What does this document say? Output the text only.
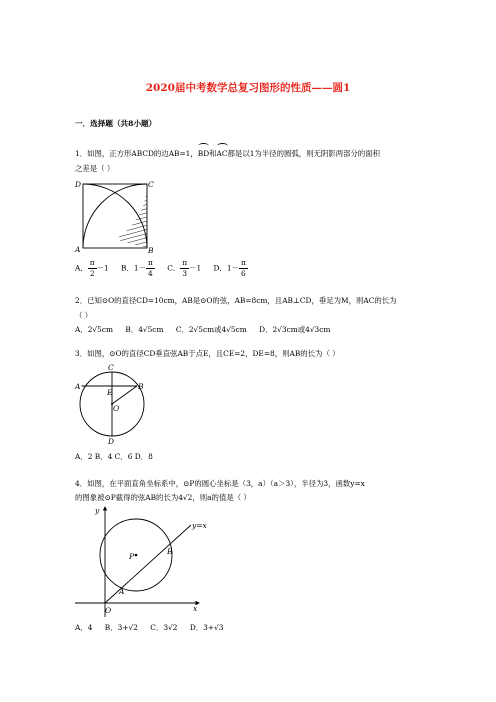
2020届中考数学总复习图形的性质——圆1
一．选择题（共8小题）
1．如图，正方形ABCD的边AB=1，
BD和
AC都是以1为半径的圆弧，则无阴影两部分的面积
之差是（ ）
D	C
A	B
A． $\frac{\pi}{2} -1$ B．$1- \frac{\pi}{4}$ C． $\frac{\pi}{3} -1$ D．$1- \frac{\pi}{6}$
2．已知⊙O的直径CD=10cm，AB是⊙O的弦，AB=8cm，且AB⊥CD，垂足为M，则AC的长为
（ ）
A．2√5cm B．4√5cm C．2√5cm或4√5cm D．2√3cm或4√3cm
3．如图，⊙O的直径CD垂直弦AB于点E，且CE=2，DE=8，则AB的长为（ ）
C
A	B
E
O
D
A．2 B．4 C．6 D．8
4．如图，在平面直角坐标系中，⊙P的圆心坐标是（3，a）（a＞3），半径为3，函数y=x
的图象被⊙P截得的弦AB的长为4√2，则a的值是（ ）
y
y=x
P
B
A
O	x
A．4 B．3+√2 C．3√2 D．3+√3
